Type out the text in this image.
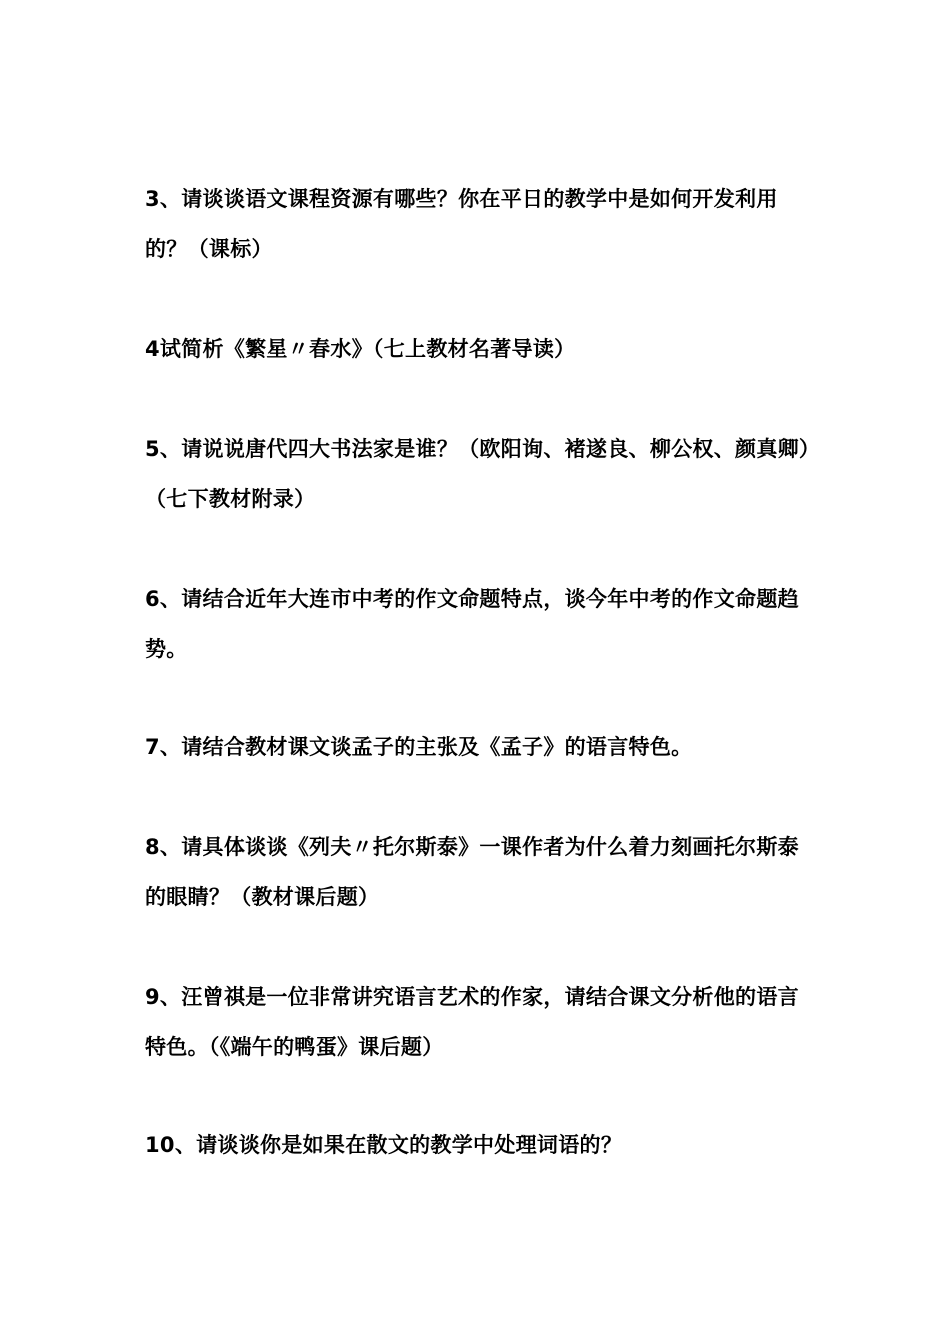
3、请谈谈语文课程资源有哪些？你在平日的教学中是如何开发利用的？（课标）

4试简析《繁星〃春水》（七上教材名著导读）

5、请说说唐代四大书法家是谁？（欧阳询、褚遂良、柳公权、颜真卿）（七下教材附录）

6、请结合近年大连市中考的作文命题特点，谈今年中考的作文命题趋势。

7、请结合教材课文谈孟子的主张及《孟子》的语言特色。

8、请具体谈谈《列夫〃托尔斯泰》一课作者为什么着力刻画托尔斯泰的眼睛？（教材课后题）

9、汪曾祺是一位非常讲究语言艺术的作家，请结合课文分析他的语言特色。（《端午的鸭蛋》课后题）

10、请谈谈你是如果在散文的教学中处理词语的？
